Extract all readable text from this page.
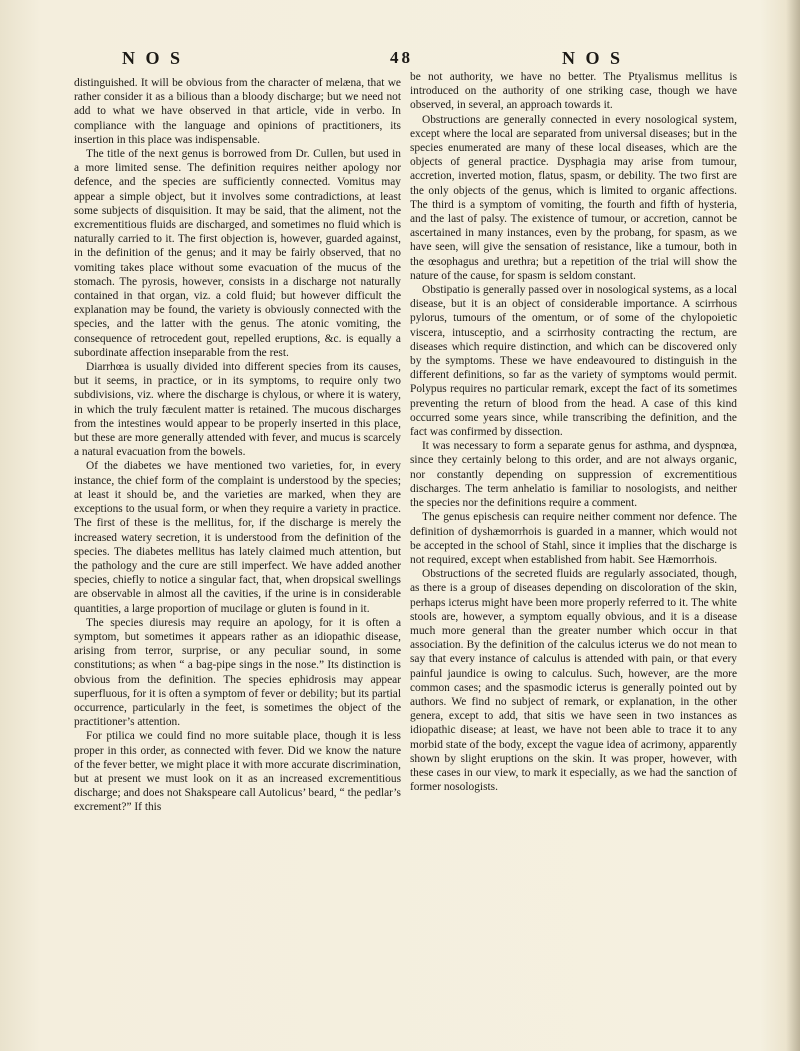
N O S	48	N O S

distinguished. It will be obvious from the character of melæna, that we rather consider it as a bilious than a bloody discharge; but we need not add to what we have observed in that article, vide in verbo. In compliance with the language and opinions of practitioners, its insertion in this place was indispensable.

The title of the next genus is borrowed from Dr. Cullen, but used in a more limited sense. The definition requires neither apology nor defence, and the species are sufficiently connected. Vomitus may appear a simple object, but it involves some contradictions, at least some subjects of disquisition. It may be said, that the aliment, not the excrementitious fluids are discharged, and sometimes no fluid which is naturally carried to it. The first objection is, however, guarded against, in the definition of the genus; and it may be fairly observed, that no vomiting takes place without some evacuation of the mucus of the stomach. The pyrosis, however, consists in a discharge not naturally contained in that organ, viz. a cold fluid; but however difficult the explanation may be found, the variety is obviously connected with the species, and the latter with the genus. The atonic vomiting, the consequence of retrocedent gout, repelled eruptions, &c. is equally a subordinate affection inseparable from the rest.

Diarrhœa is usually divided into different species from its causes, but it seems, in practice, or in its symptoms, to require only two subdivisions, viz. where the discharge is chylous, or where it is watery, in which the truly fæculent matter is retained. The mucous discharges from the intestines would appear to be properly inserted in this place, but these are more generally attended with fever, and mucus is scarcely a natural evacuation from the bowels.

Of the diabetes we have mentioned two varieties, for, in every instance, the chief form of the complaint is understood by the species; at least it should be, and the varieties are marked, when they are exceptions to the usual form, or when they require a variety in practice. The first of these is the mellitus, for, if the discharge is merely the increased watery secretion, it is understood from the definition of the species. The diabetes mellitus has lately claimed much attention, but the pathology and the cure are still imperfect. We have added another species, chiefly to notice a singular fact, that, when dropsical swellings are observable in almost all the cavities, if the urine is in considerable quantities, a large proportion of mucilage or gluten is found in it.

The species diuresis may require an apology, for it is often a symptom, but sometimes it appears rather as an idiopathic disease, arising from terror, surprise, or any peculiar sound, in some constitutions; as when “ a bag-pipe sings in the nose.” Its distinction is obvious from the definition. The species ephidrosis may appear superfluous, for it is often a symptom of fever or debility; but its partial occurrence, particularly in the feet, is sometimes the object of the practitioner’s attention.

For ptilica we could find no more suitable place, though it is less proper in this order, as connected with fever. Did we know the nature of the fever better, we might place it with more accurate discrimination, but at present we must look on it as an increased excrementitious discharge; and does not Shakspeare call Autolicus’ beard, “ the pedlar’s excrement?” If this

be not authority, we have no better. The Ptyalismus mellitus is introduced on the authority of one striking case, though we have observed, in several, an approach towards it.

Obstructions are generally connected in every nosological system, except where the local are separated from universal diseases; but in the species enumerated are many of these local diseases, which are the objects of general practice. Dysphagia may arise from tumour, accretion, inverted motion, flatus, spasm, or debility. The two first are the only objects of the genus, which is limited to organic affections. The third is a symptom of vomiting, the fourth and fifth of hysteria, and the last of palsy. The existence of tumour, or accretion, cannot be ascertained in many instances, even by the probang, for spasm, as we have seen, will give the sensation of resistance, like a tumour, both in the œsophagus and urethra; but a repetition of the trial will show the nature of the cause, for spasm is seldom constant.

Obstipatio is generally passed over in nosological systems, as a local disease, but it is an object of considerable importance. A scirrhous pylorus, tumours of the omentum, or of some of the chylopoietic viscera, intusceptio, and a scirrhosity contracting the rectum, are diseases which require distinction, and which can be discovered only by the symptoms. These we have endeavoured to distinguish in the different definitions, so far as the variety of symptoms would permit. Polypus requires no particular remark, except the fact of its sometimes preventing the return of blood from the head. A case of this kind occurred some years since, while transcribing the definition, and the fact was confirmed by dissection.

It was necessary to form a separate genus for asthma, and dyspnœa, since they certainly belong to this order, and are not always organic, nor constantly depending on suppression of excrementitious discharges. The term anhelatio is familiar to nosologists, and neither the species nor the definitions require a comment.

The genus epischesis can require neither comment nor defence. The definition of dyshæmorrhois is guarded in a manner, which would not be accepted in the school of Stahl, since it implies that the discharge is not required, except when established from habit. See Hæmorrhois.

Obstructions of the secreted fluids are regularly associated, though, as there is a group of diseases depending on discoloration of the skin, perhaps icterus might have been more properly referred to it. The white stools are, however, a symptom equally obvious, and it is a disease much more general than the greater number which occur in that association. By the definition of the calculus icterus we do not mean to say that every instance of calculus is attended with pain, or that every painful jaundice is owing to calculus. Such, however, are the more common cases; and the spasmodic icterus is generally pointed out by authors. We find no subject of remark, or explanation, in the other genera, except to add, that sitis we have seen in two instances as idiopathic disease; at least, we have not been able to trace it to any morbid state of the body, except the vague idea of acrimony, apparently shown by slight eruptions on the skin. It was proper, however, with these cases in our view, to mark it especially, as we had the sanction of former nosologists.
